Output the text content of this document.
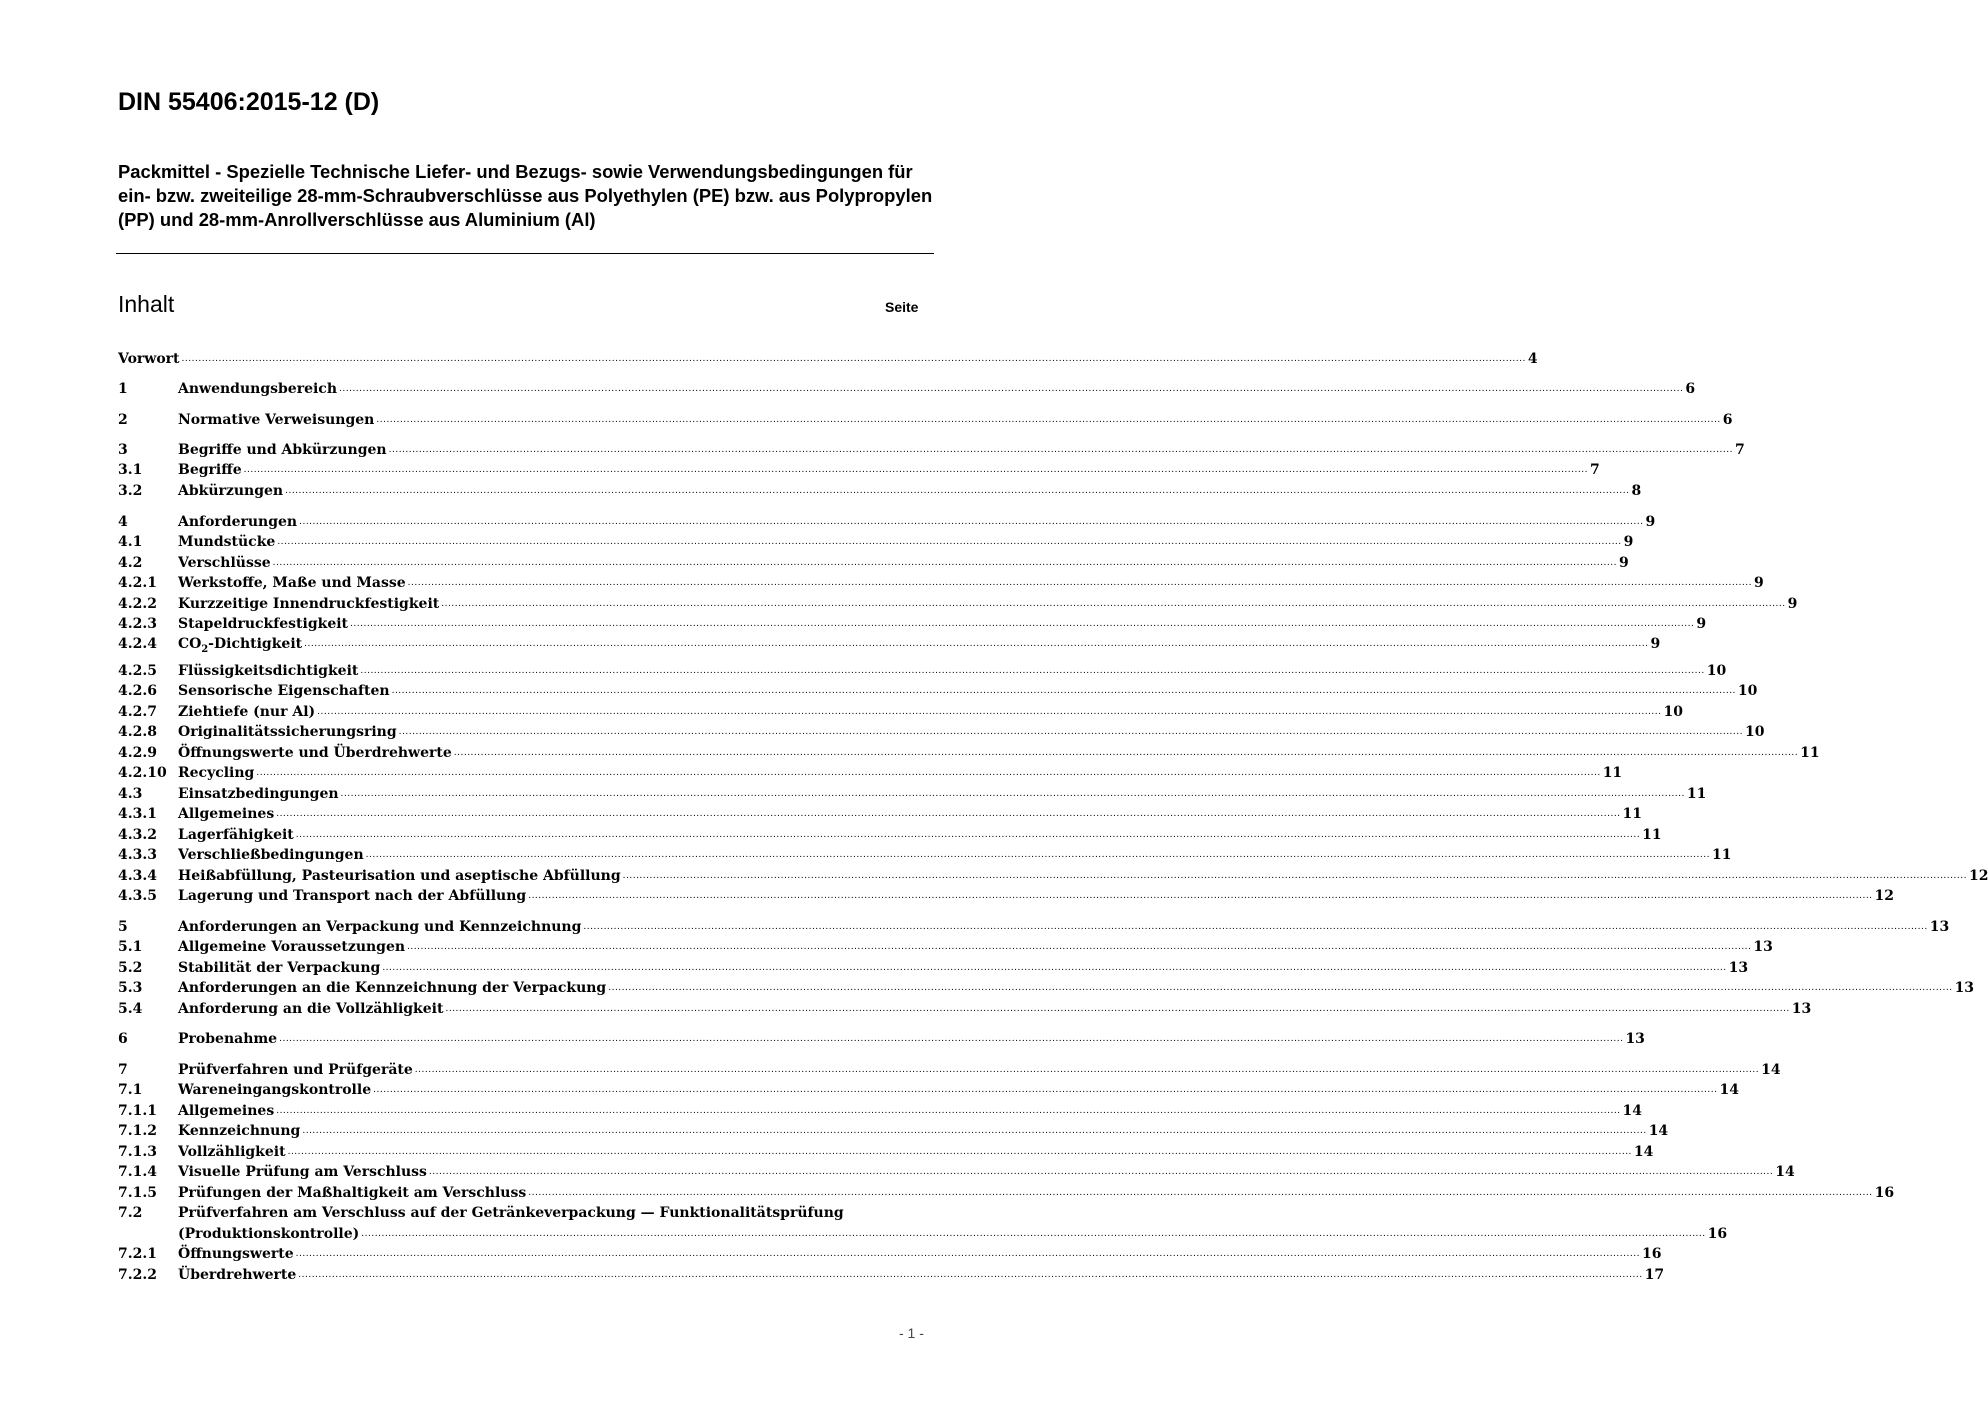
DIN 55406:2015-12 (D)
Packmittel - Spezielle Technische Liefer- und Bezugs- sowie Verwendungsbedingungen für ein- bzw. zweiteilige 28-mm-Schraubverschlüsse aus Polyethylen (PE) bzw. aus Polypropylen (PP) und 28-mm-Anrollverschlüsse aus Aluminium (Al)
Inhalt	Seite
Vorwort ................................................................................................................................................................................................................................................................................................................................................................................................................ 4
1	Anwendungsbereich ................................................................................................................................................................................................................................................................................................................................................................................................................ 6
2	Normative Verweisungen ................................................................................................................................................................................................................................................................................................................................................................................................................ 6
3	Begriffe und Abkürzungen ................................................................................................................................................................................................................................................................................................................................................................................................................ 7
3.1	Begriffe ................................................................................................................................................................................................................................................................................................................................................................................................................ 7
3.2	Abkürzungen ................................................................................................................................................................................................................................................................................................................................................................................................................ 8
4	Anforderungen ................................................................................................................................................................................................................................................................................................................................................................................................................ 9
4.1	Mundstücke ................................................................................................................................................................................................................................................................................................................................................................................................................ 9
4.2	Verschlüsse ................................................................................................................................................................................................................................................................................................................................................................................................................ 9
4.2.1	Werkstoffe, Maße und Masse ................................................................................................................................................................................................................................................................................................................................................................................................................ 9
4.2.2	Kurzzeitige Innendruckfestigkeit ................................................................................................................................................................................................................................................................................................................................................................................................................ 9
4.2.3	Stapeldruckfestigkeit ................................................................................................................................................................................................................................................................................................................................................................................................................ 9
4.2.4	$CO_2$-Dichtigkeit ................................................................................................................................................................................................................................................................................................................................................................................................................ 9
4.2.5	Flüssigkeitsdichtigkeit ................................................................................................................................................................................................................................................................................................................................................................................................................ 10
4.2.6	Sensorische Eigenschaften ................................................................................................................................................................................................................................................................................................................................................................................................................ 10
4.2.7	Ziehtiefe (nur Al) ................................................................................................................................................................................................................................................................................................................................................................................................................ 10
4.2.8	Originalitätssicherungsring ................................................................................................................................................................................................................................................................................................................................................................................................................ 10
4.2.9	Öffnungswerte und Überdrehwerte ................................................................................................................................................................................................................................................................................................................................................................................................................ 11
4.2.10 Recycling ................................................................................................................................................................................................................................................................................................................................................................................................................ 11
4.3	Einsatzbedingungen ................................................................................................................................................................................................................................................................................................................................................................................................................ 11
4.3.1	Allgemeines ................................................................................................................................................................................................................................................................................................................................................................................................................ 11
4.3.2	Lagerfähigkeit ................................................................................................................................................................................................................................................................................................................................................................................................................ 11
4.3.3	Verschließbedingungen ................................................................................................................................................................................................................................................................................................................................................................................................................ 11
4.3.4	Heißabfüllung, Pasteurisation und aseptische Abfüllung ................................................................................................................................................................................................................................................................................................................................................................................................................ 12
4.3.5	Lagerung und Transport nach der Abfüllung ................................................................................................................................................................................................................................................................................................................................................................................................................ 12
5	Anforderungen an Verpackung und Kennzeichnung ................................................................................................................................................................................................................................................................................................................................................................................................................ 13
5.1	Allgemeine Voraussetzungen ................................................................................................................................................................................................................................................................................................................................................................................................................ 13
5.2	Stabilität der Verpackung ................................................................................................................................................................................................................................................................................................................................................................................................................ 13
5.3	Anforderungen an die Kennzeichnung der Verpackung ................................................................................................................................................................................................................................................................................................................................................................................................................ 13
5.4	Anforderung an die Vollzähligkeit ................................................................................................................................................................................................................................................................................................................................................................................................................ 13
6	Probenahme ................................................................................................................................................................................................................................................................................................................................................................................................................ 13
7	Prüfverfahren und Prüfgeräte ................................................................................................................................................................................................................................................................................................................................................................................................................ 14
7.1	Wareneingangskontrolle ................................................................................................................................................................................................................................................................................................................................................................................................................ 14
7.1.1	Allgemeines ................................................................................................................................................................................................................................................................................................................................................................................................................ 14
7.1.2	Kennzeichnung ................................................................................................................................................................................................................................................................................................................................................................................................................ 14
7.1.3	Vollzähligkeit ................................................................................................................................................................................................................................................................................................................................................................................................................ 14
7.1.4	Visuelle Prüfung am Verschluss ................................................................................................................................................................................................................................................................................................................................................................................................................ 14
7.1.5	Prüfungen der Maßhaltigkeit am Verschluss ................................................................................................................................................................................................................................................................................................................................................................................................................ 16
7.2	Prüfverfahren am Verschluss auf der Getränkeverpackung — Funktionalitätsprüfung
(Produktionskontrolle) ................................................................................................................................................................................................................................................................................................................................................................................................................ 16
7.2.1	Öffnungswerte ................................................................................................................................................................................................................................................................................................................................................................................................................ 16
7.2.2	Überdrehwerte ................................................................................................................................................................................................................................................................................................................................................................................................................ 17
- 1 -
